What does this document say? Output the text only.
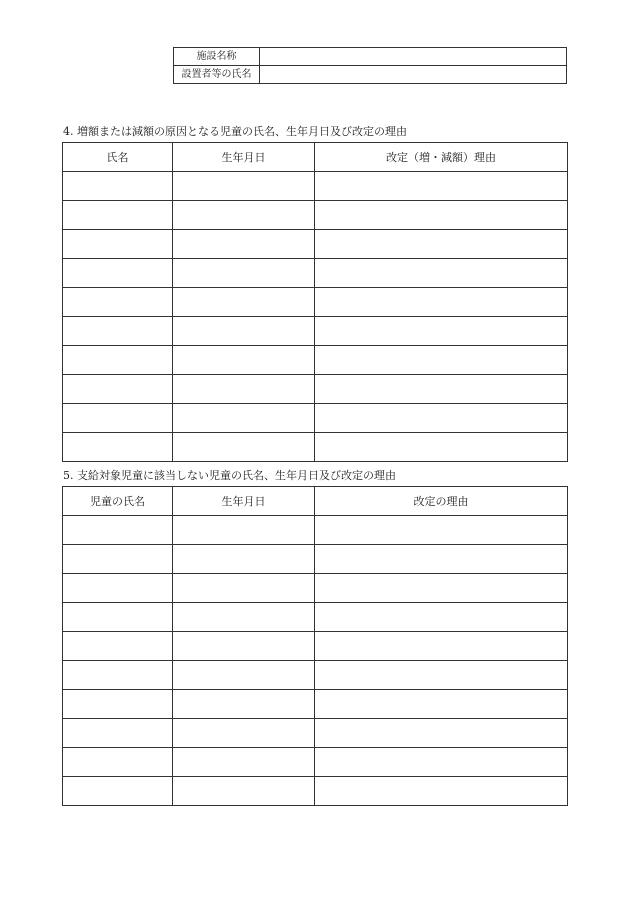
施設名称	
設置者等の氏名	
4. 増額または減額の原因となる児童の氏名、生年月日及び改定の理由
氏名	生年月日	改定（増・減額）理由

5. 支給対象児童に該当しない児童の氏名、生年月日及び改定の理由
児童の氏名	生年月日	改定の理由
